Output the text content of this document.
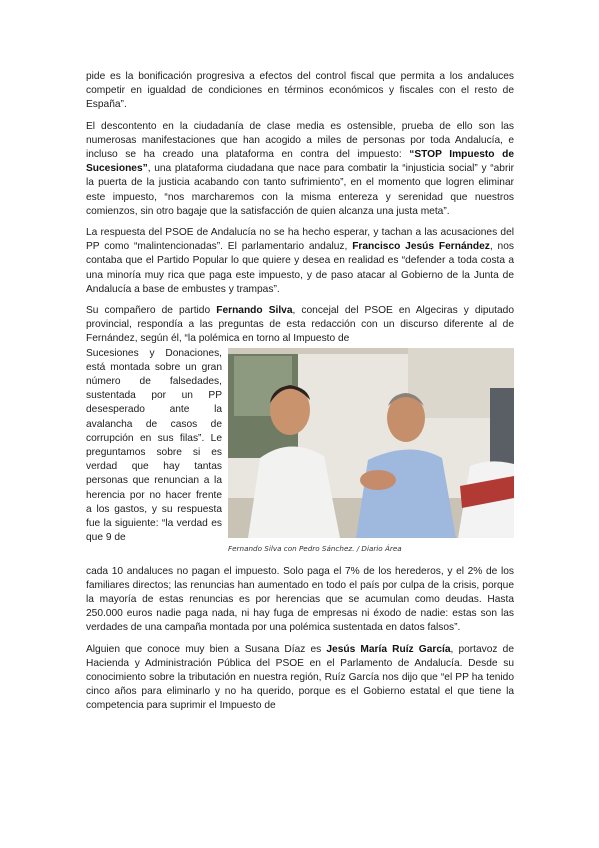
pide es la bonificación progresiva a efectos del control fiscal que permita a los andaluces competir en igualdad de condiciones en términos económicos y fiscales con el resto de España”.

El descontento en la ciudadanía de clase media es ostensible, prueba de ello son las numerosas manifestaciones que han acogido a miles de personas por toda Andalucía, e incluso se ha creado una plataforma en contra del impuesto: “STOP Impuesto de Sucesiones”, una plataforma ciudadana que nace para combatir la “injusticia social” y “abrir la puerta de la justicia acabando con tanto sufrimiento”, en el momento que logren eliminar este impuesto, “nos marcharemos con la misma entereza y serenidad que nuestros comienzos, sin otro bagaje que la satisfacción de quien alcanza una justa meta”.

La respuesta del PSOE de Andalucía no se ha hecho esperar, y tachan a las acusaciones del PP como “malintencionadas”. El parlamentario andaluz, Francisco Jesús Fernández, nos contaba que el Partido Popular lo que quiere y desea en realidad es “defender a toda costa a una minoría muy rica que paga este impuesto, y de paso atacar al Gobierno de la Junta de Andalucía a base de embustes y trampas”.

Su compañero de partido Fernando Silva, concejal del PSOE en Algeciras y diputado provincial, respondía a las preguntas de esta redacción con un discurso diferente al de Fernández, según él, “la polémica en torno al Impuesto de

Sucesiones y Donaciones, está montada sobre un gran número de falsedades, sustentada por un PP desesperado ante la avalancha de casos de corrupción en sus filas”. Le preguntamos sobre si es verdad que hay tantas personas que renuncian a la herencia por no hacer frente a los gastos, y su respuesta fue la siguiente: “la verdad es que 9 de
Fernando Silva con Pedro Sánchez. / Diario Área

cada 10 andaluces no pagan el impuesto. Solo paga el 7% de los herederos, y el 2% de los familiares directos; las renuncias han aumentado en todo el país por culpa de la crisis, porque la mayoría de estas renuncias es por herencias que se acumulan como deudas. Hasta 250.000 euros nadie paga nada, ni hay fuga de empresas ni éxodo de nadie: estas son las verdades de una campaña montada por una polémica sustentada en datos falsos”.

Alguien que conoce muy bien a Susana Díaz es Jesús María Ruíz García, portavoz de Hacienda y Administración Pública del PSOE en el Parlamento de Andalucía. Desde su conocimiento sobre la tributación en nuestra región, Ruíz García nos dijo que “el PP ha tenido cinco años para eliminarlo y no ha querido, porque es el Gobierno estatal el que tiene la competencia para suprimir el Impuesto de
